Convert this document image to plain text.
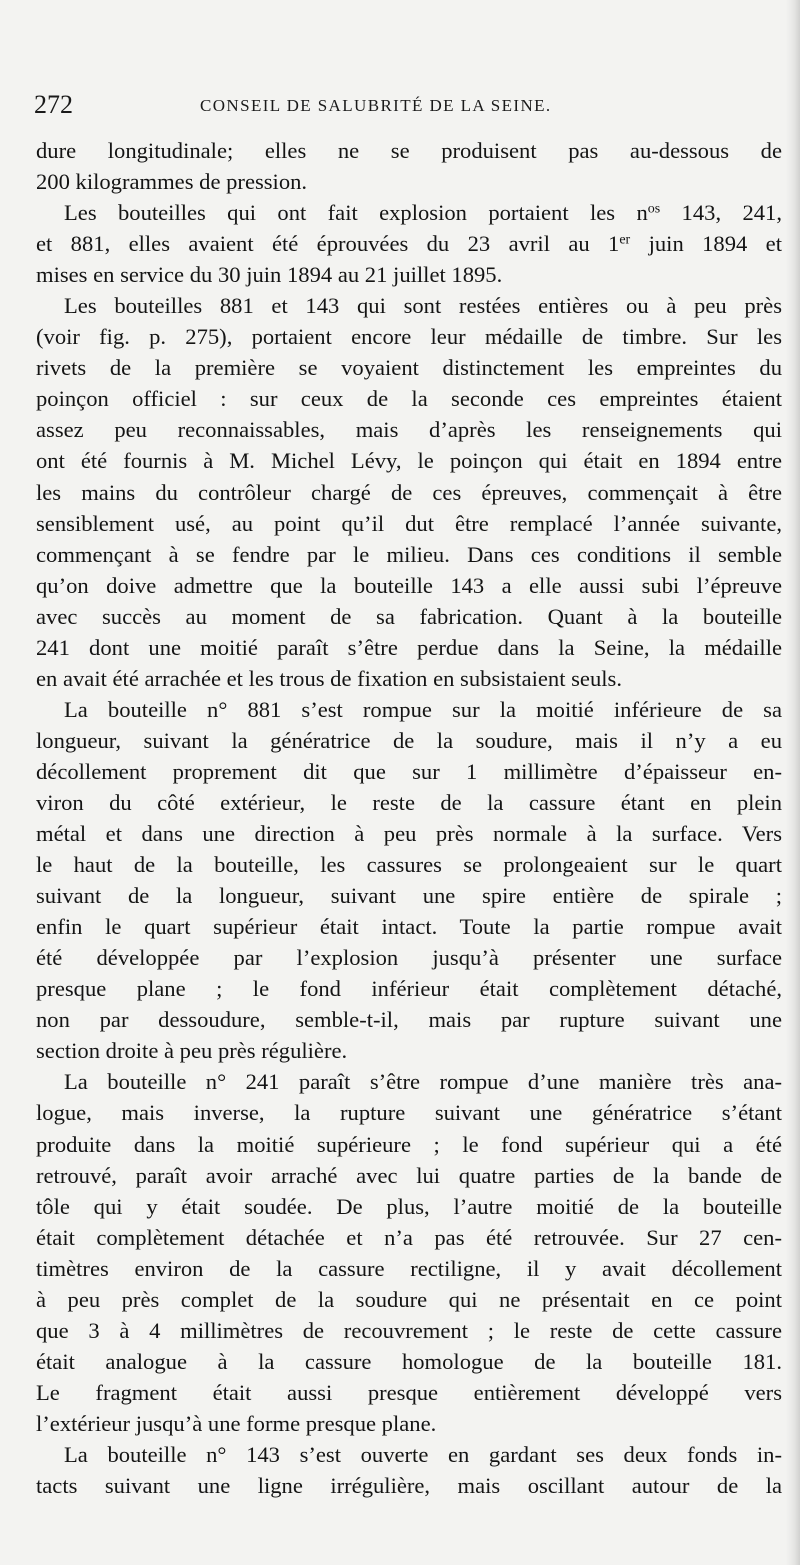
272	CONSEIL DE SALUBRITÉ DE LA SEINE.
dure longitudinale; elles ne se produisent pas au-dessous de
200 kilogrammes de pression.
Les bouteilles qui ont fait explosion portaient les $n^{os}$ 143, 241,
et 881, elles avaient été éprouvées du 23 avril au 1er juin 1894 et
mises en service du 30 juin 1894 au 21 juillet 1895.
Les bouteilles 881 et 143 qui sont restées entières ou à peu près
(voir fig. p. 275), portaient encore leur médaille de timbre. Sur les
rivets de la première se voyaient distinctement les empreintes du
poinçon officiel : sur ceux de la seconde ces empreintes étaient
assez peu reconnaissables, mais d’après les renseignements qui
ont été fournis à M. Michel Lévy, le poinçon qui était en 1894 entre
les mains du contrôleur chargé de ces épreuves, commençait à être
sensiblement usé, au point qu’il dut être remplacé l’année suivante,
commençant à se fendre par le milieu. Dans ces conditions il semble
qu’on doive admettre que la bouteille 143 a elle aussi subi l’épreuve
avec succès au moment de sa fabrication. Quant à la bouteille
241 dont une moitié paraît s’être perdue dans la Seine, la médaille
en avait été arrachée et les trous de fixation en subsistaient seuls.
La bouteille n° 881 s’est rompue sur la moitié inférieure de sa
longueur, suivant la génératrice de la soudure, mais il n’y a eu
décollement proprement dit que sur 1 millimètre d’épaisseur en-
viron du côté extérieur, le reste de la cassure étant en plein
métal et dans une direction à peu près normale à la surface. Vers
le haut de la bouteille, les cassures se prolongeaient sur le quart
suivant de la longueur, suivant une spire entière de spirale ;
enfin le quart supérieur était intact. Toute la partie rompue avait
été développée par l’explosion jusqu’à présenter une surface
presque plane ; le fond inférieur était complètement détaché,
non par dessoudure, semble-t-il, mais par rupture suivant une
section droite à peu près régulière.
La bouteille n° 241 paraît s’être rompue d’une manière très ana-
logue, mais inverse, la rupture suivant une génératrice s’étant
produite dans la moitié supérieure ; le fond supérieur qui a été
retrouvé, paraît avoir arraché avec lui quatre parties de la bande de
tôle qui y était soudée. De plus, l’autre moitié de la bouteille
était complètement détachée et n’a pas été retrouvée. Sur 27 cen-
timètres environ de la cassure rectiligne, il y avait décollement
à peu près complet de la soudure qui ne présentait en ce point
que 3 à 4 millimètres de recouvrement ; le reste de cette cassure
était analogue à la cassure homologue de la bouteille 181.
Le fragment était aussi presque entièrement développé vers
l’extérieur jusqu’à une forme presque plane.
La bouteille n° 143 s’est ouverte en gardant ses deux fonds in-
tacts suivant une ligne irrégulière, mais oscillant autour de la
